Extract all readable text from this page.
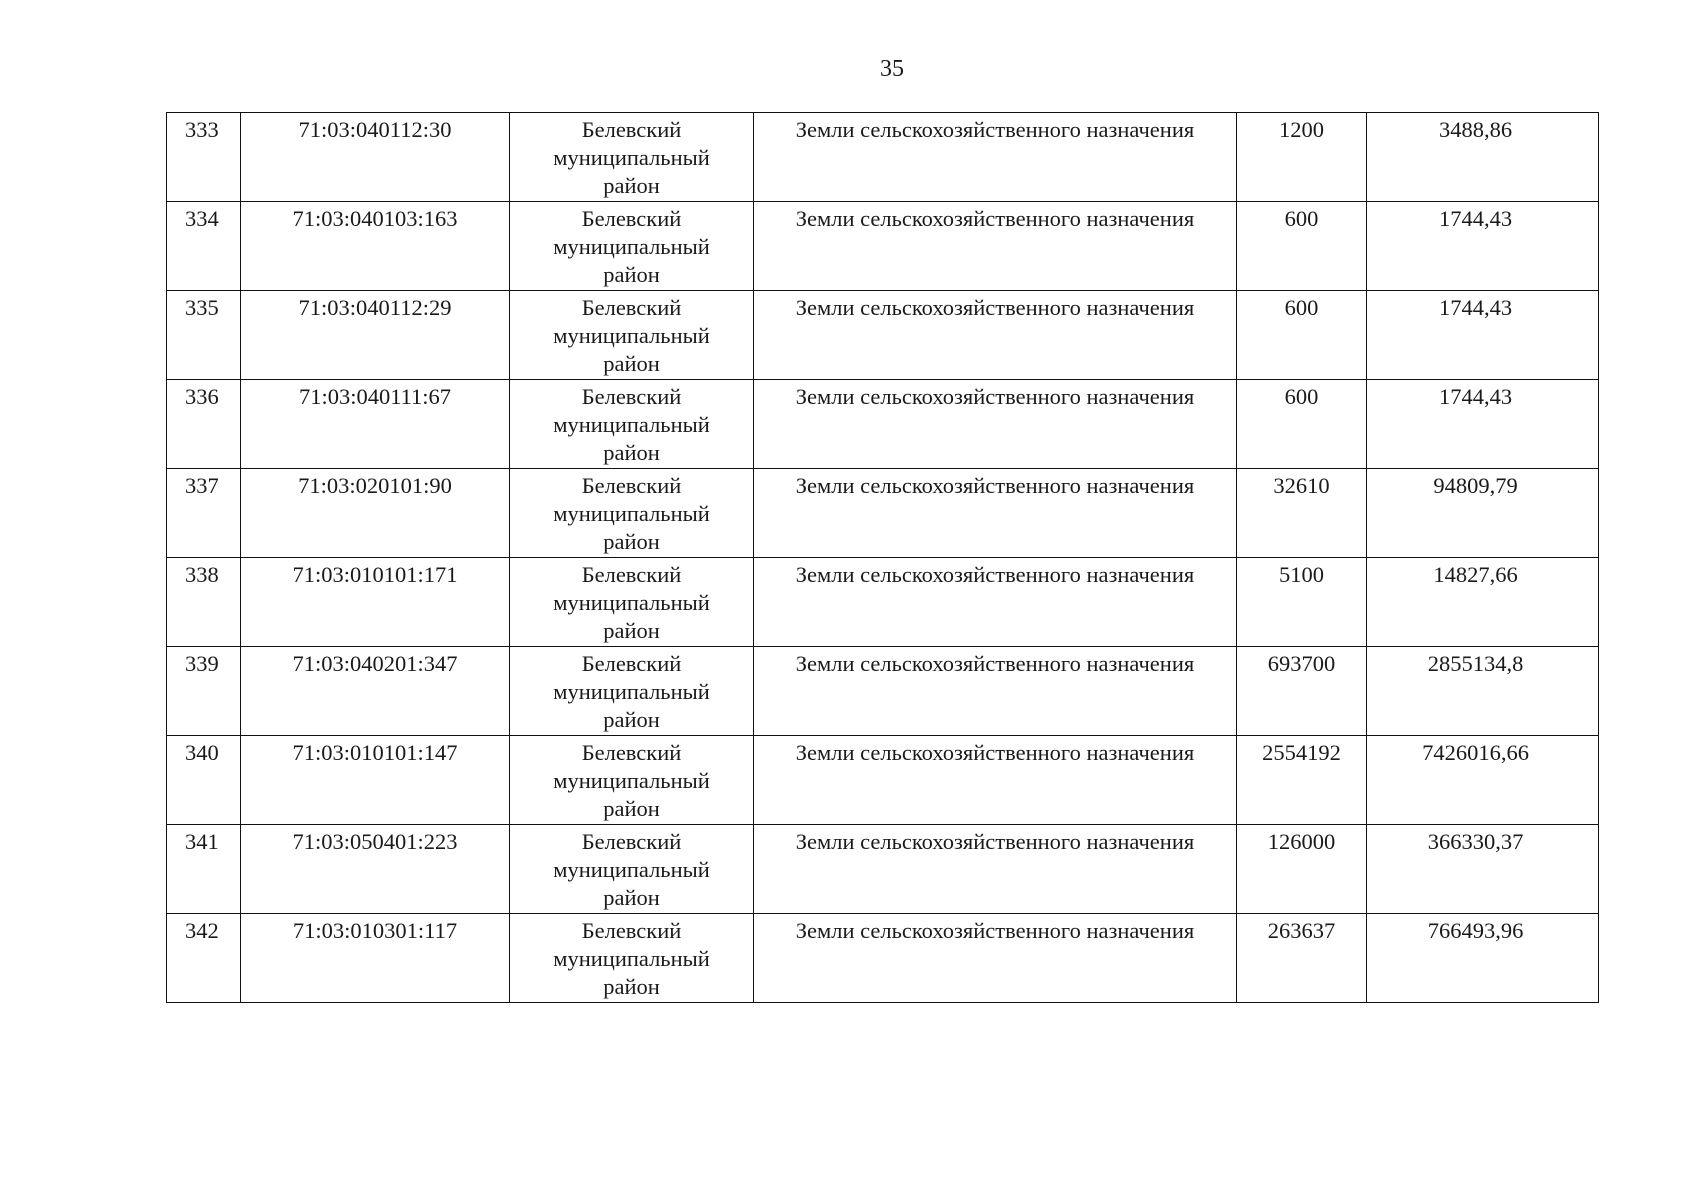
35
333	71:03:040112:30	Белевский
муниципальный
район	Земли сельскохозяйственного назначения	1200	3488,86
334	71:03:040103:163	Белевский
муниципальный
район	Земли сельскохозяйственного назначения	600	1744,43
335	71:03:040112:29	Белевский
муниципальный
район	Земли сельскохозяйственного назначения	600	1744,43
336	71:03:040111:67	Белевский
муниципальный
район	Земли сельскохозяйственного назначения	600	1744,43
337	71:03:020101:90	Белевский
муниципальный
район	Земли сельскохозяйственного назначения	32610	94809,79
338	71:03:010101:171	Белевский
муниципальный
район	Земли сельскохозяйственного назначения	5100	14827,66
339	71:03:040201:347	Белевский
муниципальный
район	Земли сельскохозяйственного назначения	693700	2855134,8
340	71:03:010101:147	Белевский
муниципальный
район	Земли сельскохозяйственного назначения	2554192	7426016,66
341	71:03:050401:223	Белевский
муниципальный
район	Земли сельскохозяйственного назначения	126000	366330,37
342	71:03:010301:117	Белевский
муниципальный
район	Земли сельскохозяйственного назначения	263637	766493,96
